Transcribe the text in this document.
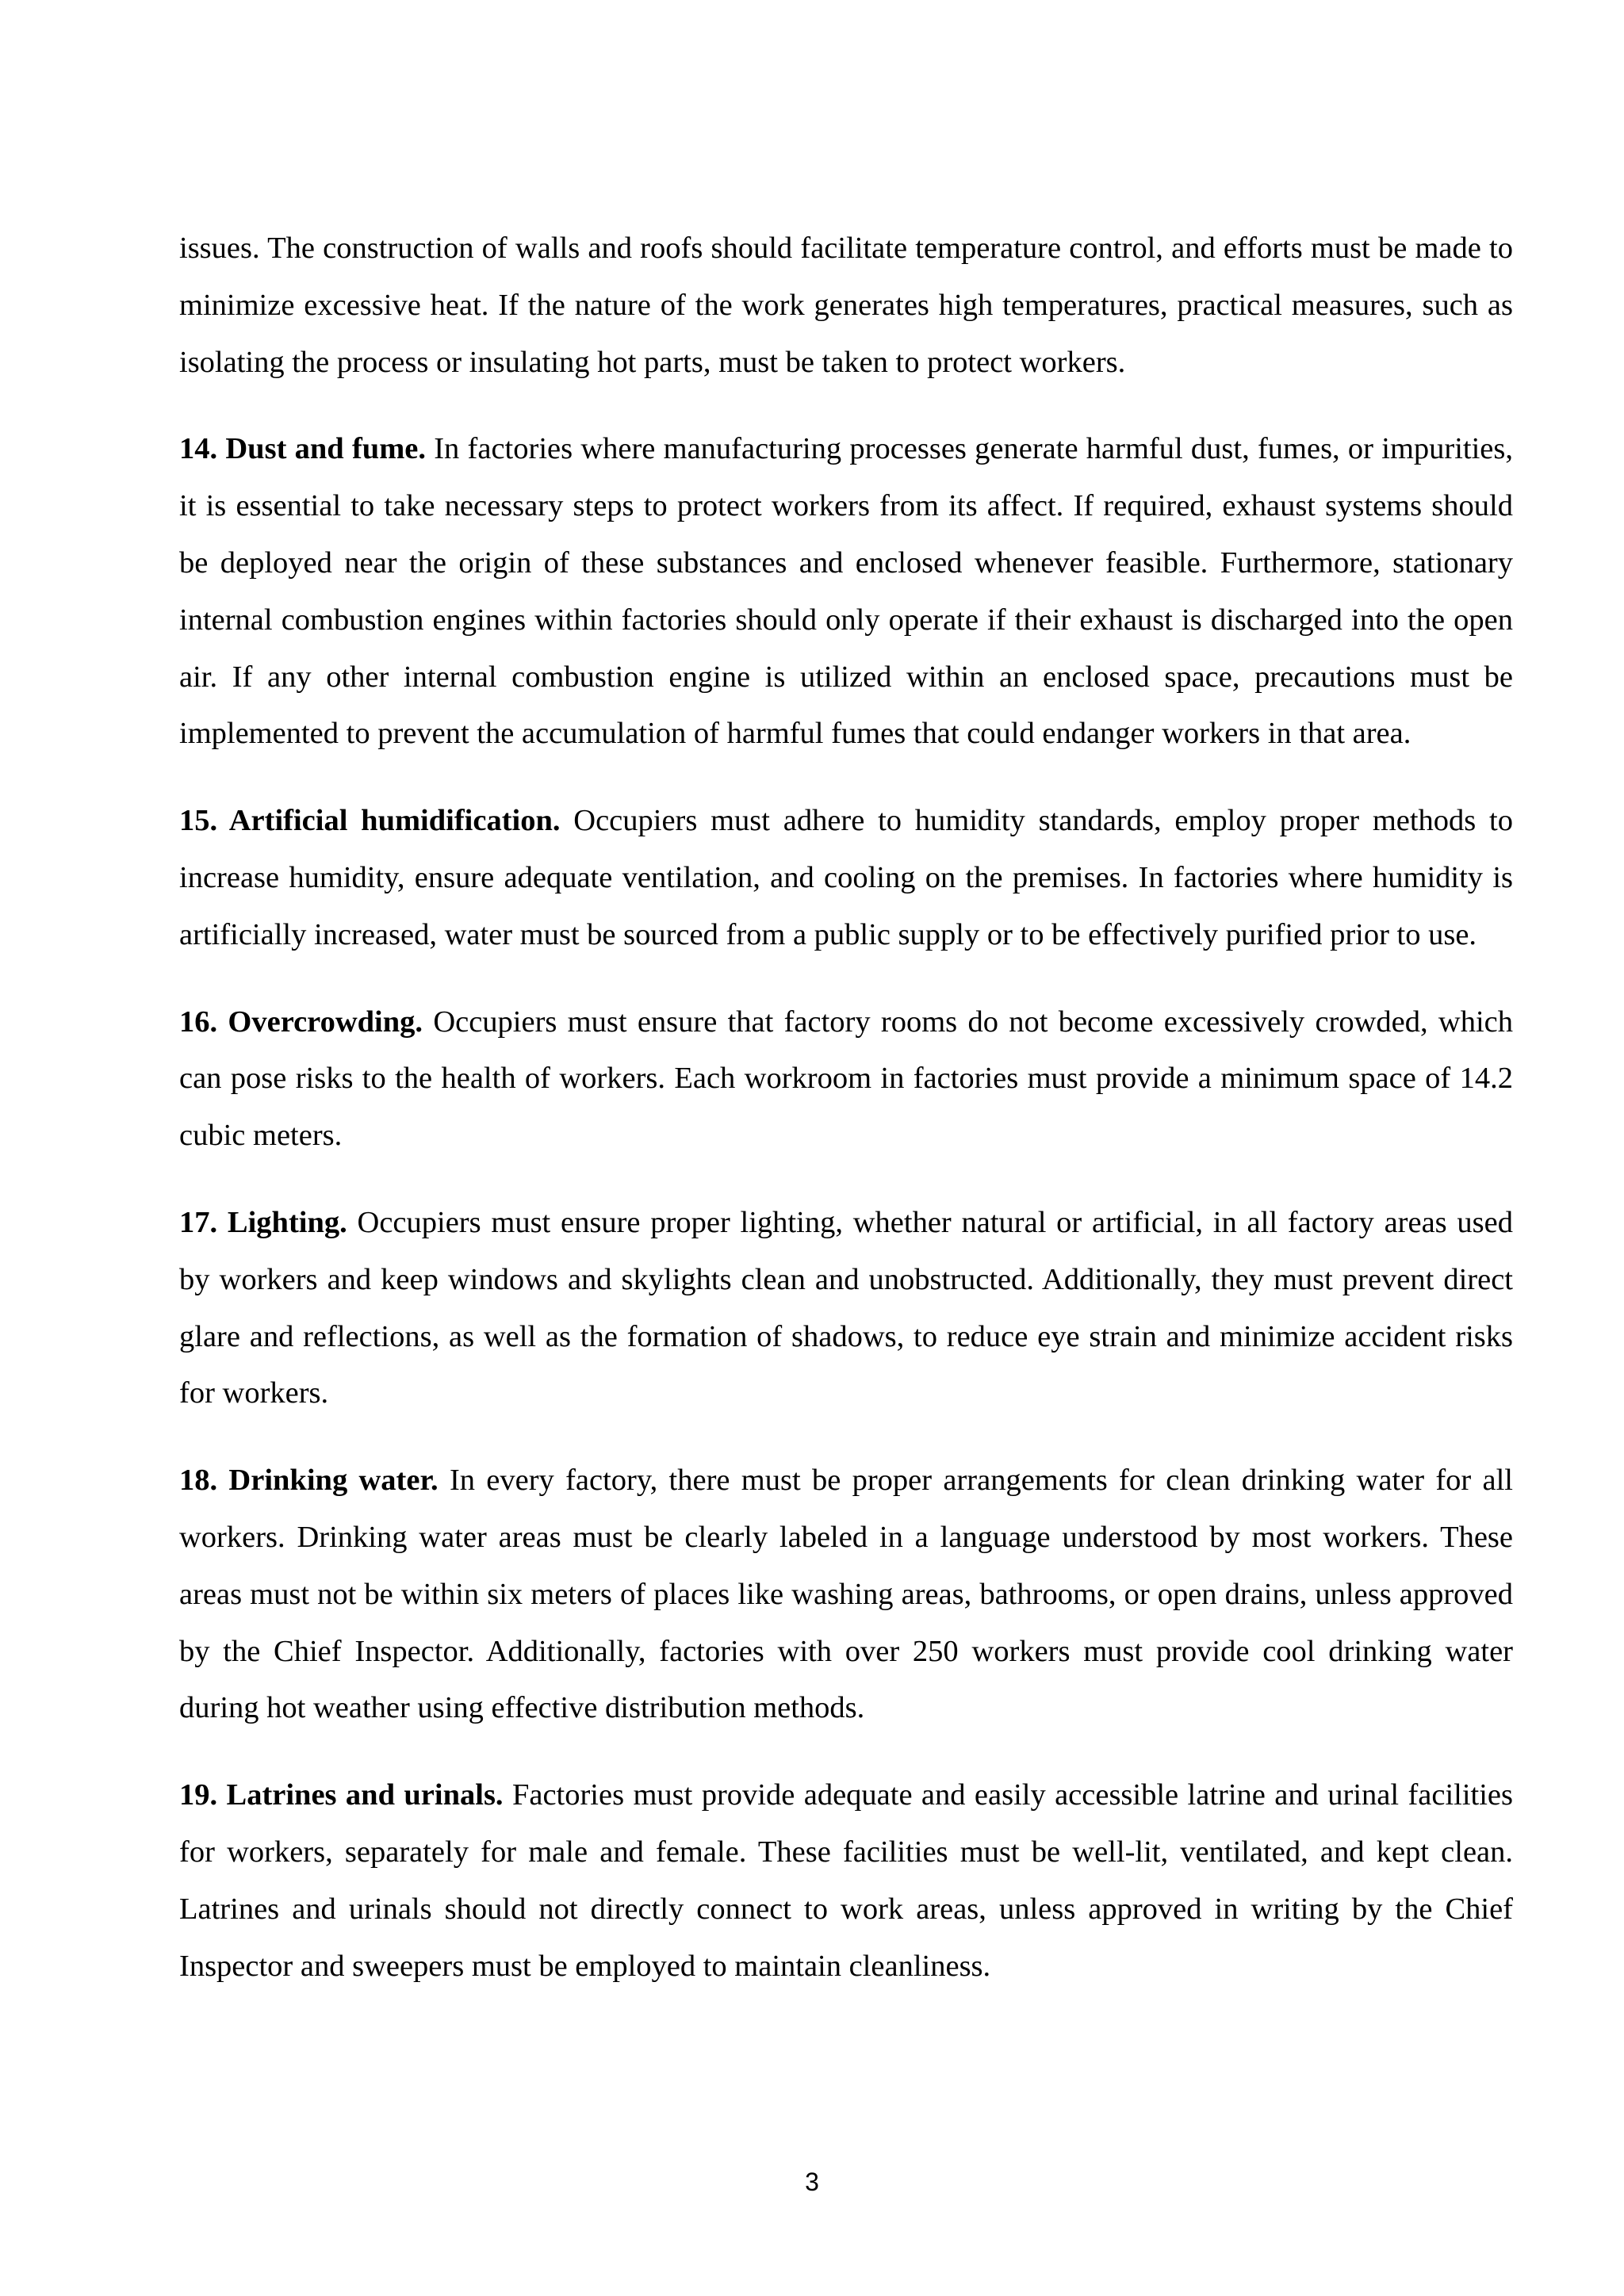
issues. The construction of walls and roofs should facilitate temperature control, and efforts must be made to minimize excessive heat. If the nature of the work generates high temperatures, practical measures, such as isolating the process or insulating hot parts, must be taken to protect workers.

14. Dust and fume. In factories where manufacturing processes generate harmful dust, fumes, or impurities, it is essential to take necessary steps to protect workers from its affect. If required, exhaust systems should be deployed near the origin of these substances and enclosed whenever feasible. Furthermore, stationary internal combustion engines within factories should only operate if their exhaust is discharged into the open air. If any other internal combustion engine is utilized within an enclosed space, precautions must be implemented to prevent the accumulation of harmful fumes that could endanger workers in that area.

15. Artificial humidification. Occupiers must adhere to humidity standards, employ proper methods to increase humidity, ensure adequate ventilation, and cooling on the premises. In factories where humidity is artificially increased, water must be sourced from a public supply or to be effectively purified prior to use.

16. Overcrowding. Occupiers must ensure that factory rooms do not become excessively crowded, which can pose risks to the health of workers. Each workroom in factories must provide a minimum space of 14.2 cubic meters.

17. Lighting. Occupiers must ensure proper lighting, whether natural or artificial, in all factory areas used by workers and keep windows and skylights clean and unobstructed. Additionally, they must prevent direct glare and reflections, as well as the formation of shadows, to reduce eye strain and minimize accident risks for workers.

18. Drinking water. In every factory, there must be proper arrangements for clean drinking water for all workers. Drinking water areas must be clearly labeled in a language understood by most workers. These areas must not be within six meters of places like washing areas, bathrooms, or open drains, unless approved by the Chief Inspector. Additionally, factories with over 250 workers must provide cool drinking water during hot weather using effective distribution methods.

19. Latrines and urinals. Factories must provide adequate and easily accessible latrine and urinal facilities for workers, separately for male and female. These facilities must be well-lit, ventilated, and kept clean. Latrines and urinals should not directly connect to work areas, unless approved in writing by the Chief Inspector and sweepers must be employed to maintain cleanliness.

3
